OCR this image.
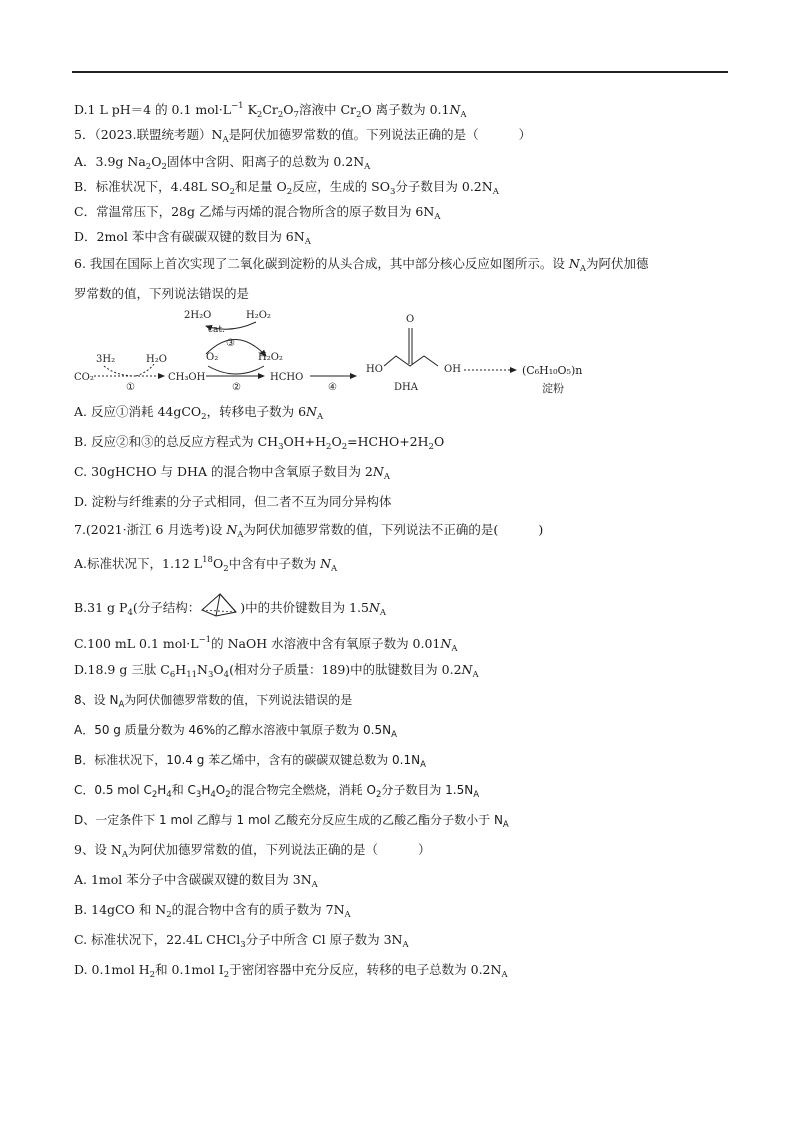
D.1 L pH＝4 的 0.1 $mol\cdot L^{-1}$ $K_2Cr_2O_7$溶液中 $Cr_2O$ 离子数为 $0.1N_A$
5．（2023.联盟统考题）$N_A$是阿伏加德罗常数的值。下列说法正确的是（	）
A．3.9g $Na_2O_2$固体中含阴、阳离子的总数为 $0.2N_A$
B．标准状况下，4.48L $SO_2$和足量 $O_2$反应，生成的 $SO_3$分子数目为 $0.2N_A$
C．常温常压下，28g 乙烯与丙烯的混合物所含的原子数目为 $6N_A$
D．2mol 苯中含有碳碳双键的数目为 $6N_A$
6. 我国在国际上首次实现了二氧化碳到淀粉的从头合成，其中部分核心反应如图所示。设 $N_A$为阿伏加德
罗常数的值，下列说法错误的是
2H₂O
cat.
H₂O₂
③
O₂	H₂O₂
3H₂	H₂O
CO₂
①
CH₃OH
②
HCHO
④
HO
O
OH
DHA
(C₆H₁₀O₅)n
淀粉
A. 反应①消耗 44gCO$_2$，转移电子数为 $6N_A$
B. 反应②和③的总反应方程式为 $CH_3OH+H_2O_2=HCHO+2H_2O$
C. 30gHCHO 与 DHA 的混合物中含氧原子数目为 $2N_A$
D. 淀粉与纤维素的分子式相同，但二者不互为同分异构体
7.(2021·浙江 6 月选考)设 $N_A$为阿伏加德罗常数的值，下列说法不正确的是(	)
A.标准状况下，1.12 $L^{18}O_2$中含有中子数为 $N_A$
B.31 g $P_4$(分子结构：	)中的共价键数目为 $1.5N_A$
C.100 mL 0.1 $mol\cdot L^{-1}$的 NaOH 水溶液中含有氧原子数为 $0.01N_A$
D.18.9 g 三肽 $C_6H_{11}N_3O_4$(相对分子质量：189)中的肽键数目为 $0.2N_A$
8、设 $N_A$为阿伏伽德罗常数的值，下列说法错误的是
A．50 g 质量分数为 46%的乙醇水溶液中氧原子数为 $0.5N_A$
B．标准状况下，10.4 g 苯乙烯中，含有的碳碳双键总数为 $0.1N_A$
C．0.5 mol $C_2H_4$和 $C_3H_4O_2$的混合物完全燃烧，消耗 $O_2$分子数目为 $1.5N_A$
D、一定条件下 1 mol 乙醇与 1 mol 乙酸充分反应生成的乙酸乙酯分子数小于 $N_A$
9、设 $N_A$为阿伏加德罗常数的值，下列说法正确的是（	）
A. 1mol 苯分子中含碳碳双键的数目为 $3N_A$
B. 14gCO 和 $N_2$的混合物中含有的质子数为 $7N_A$
C. 标准状况下，22.4L CHCl$_3$分子中所含 Cl 原子数为 $3N_A$
D. 0.1mol $H_2$和 0.1mol $I_2$于密闭容器中充分反应，转移的电子总数为 $0.2N_A$
